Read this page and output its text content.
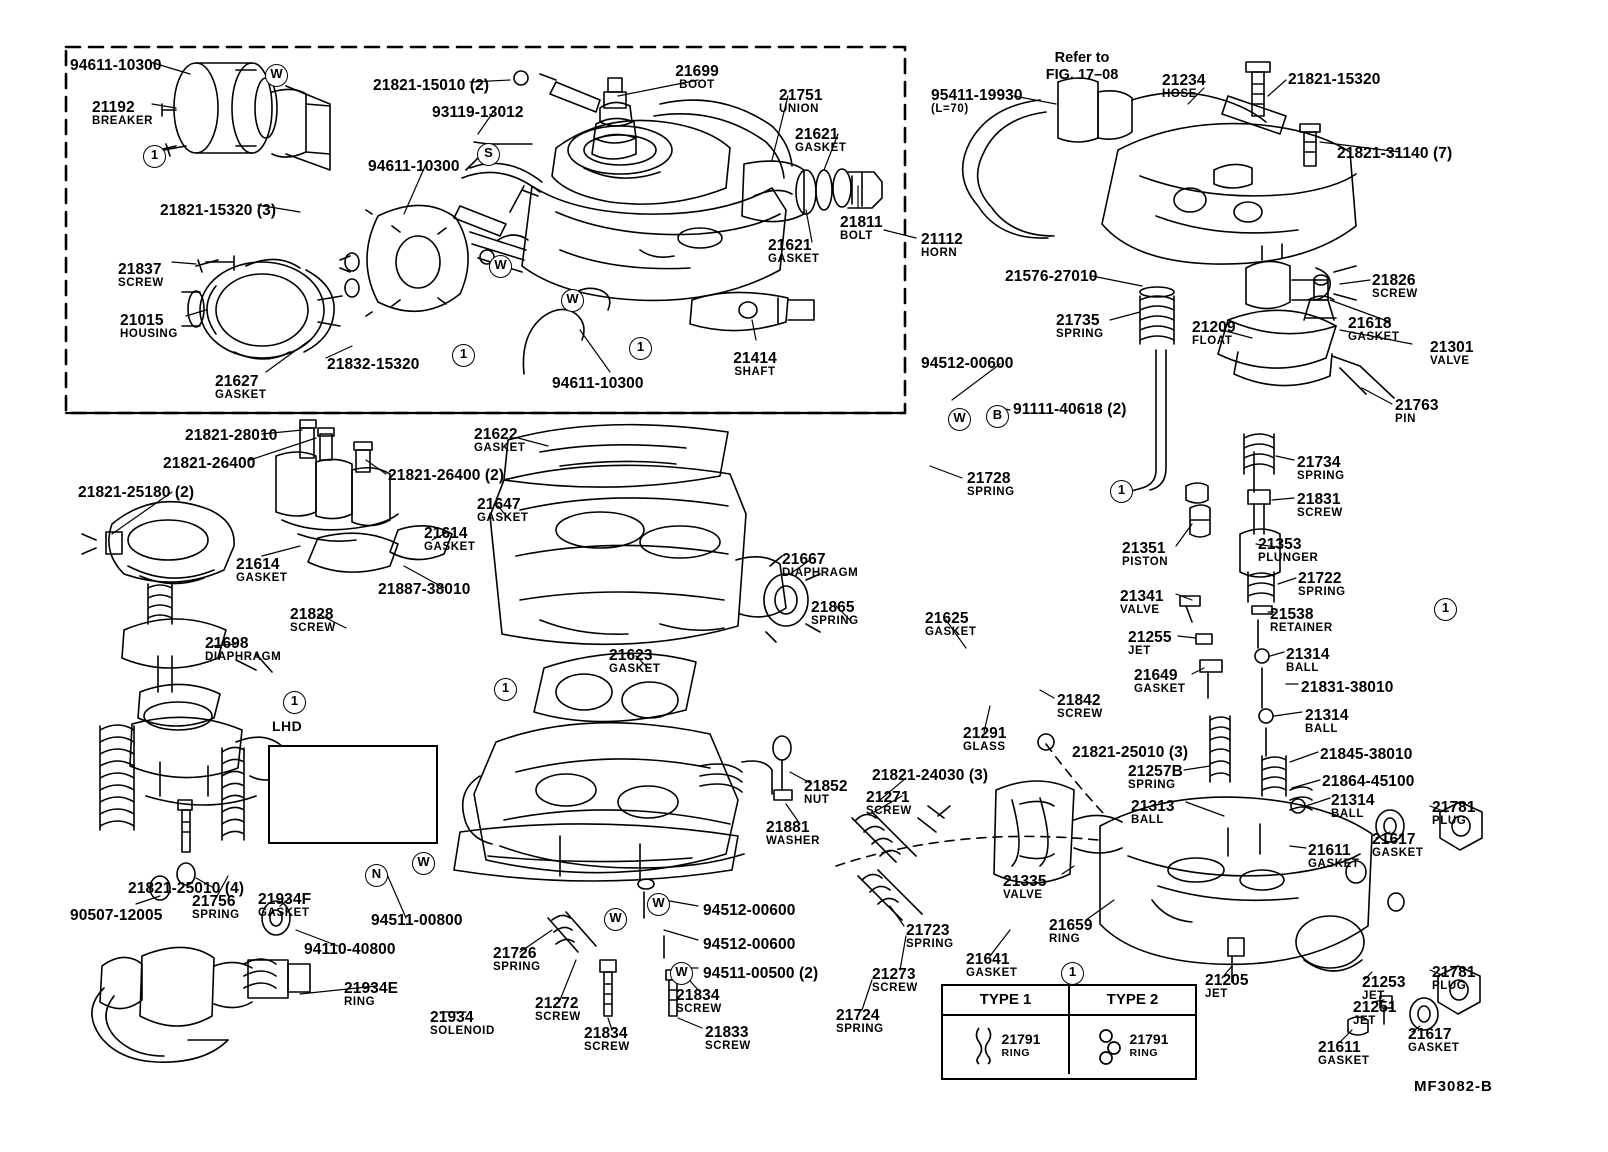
94611-10300
21192
BREAKER
21821-15320 (3)
21837
SCREW
21015
HOUSING
21832-15320
21627
GASKET
21821-15010 (2)
93119-13012
94611-10300
94611-10300
21699
BOOT
21751
UNION
21621
GASKET
21811
BOLT
21621
GASKET
21112
HORN
21414
SHAFT
95411-19930
(L=70)
21234
HOSE
21821-15320
21821-31140 (7)
21576-27010	21826
SCREW
21618
GASKET
21301
VALVE
21735
SPRING	21209
FLOAT
21763
PIN
94512-00600
91111-40618 (2)
21734
SPRING
21831
SCREW
21351
PISTON
21353
PLUNGER
21722
SPRING
21341
VALVE	21538
RETAINER
21255
JET	21314
BALL
21649
GASKET	21831-38010
21314
BALL
21845-38010
21257B
SPRING	21864-45100
21313
BALL
21314
BALL	21781
PLUG
21617
GASKET
21611
GASKET
21335
VALVE
21659
RING
21205
JET
21253
JET
21781
PLUG
21251
JET
21617
GASKET
21611
GASKET
21821-28010
21821-26400
21821-26400 (2)
21821-25180 (2)
21614
GASKET
21614
GASKET
21887-38010
21647
GASKET
21622
GASKET
21728
SPRING
21667
DIAPHRAGM
21865
SPRING	21625
GASKET
21842
SCREW
21291
GLASS	21821-25010 (3)
21828
SCREW
21698
DIAPHRAGM	21623
GASKET
21756
SPRING
21821-25010 (4)
90507-12005
21934F
GASKET
94110-40800
94511-00800
21934E
RING
21934
SOLENOID
21726
SPRING
21272
SCREW
21834
SCREW
21833
SCREW
21834
SCREW
94512-00600
94512-00600
94511-00500 (2)
21852
NUT
21881
WASHER
21821-24030 (3)
21271
SCREW
21723
SPRING
21273
SCREW
21724
SPRING
21641
GASKET
1	S
W
W
1
W
1
W	B
1
1
1
1
N
W
W
W
W	1
LHD
Refer to
FIG. 17–08
TYPE 1	TYPE 2
21791
RING
21791
RING
MF3082-B
